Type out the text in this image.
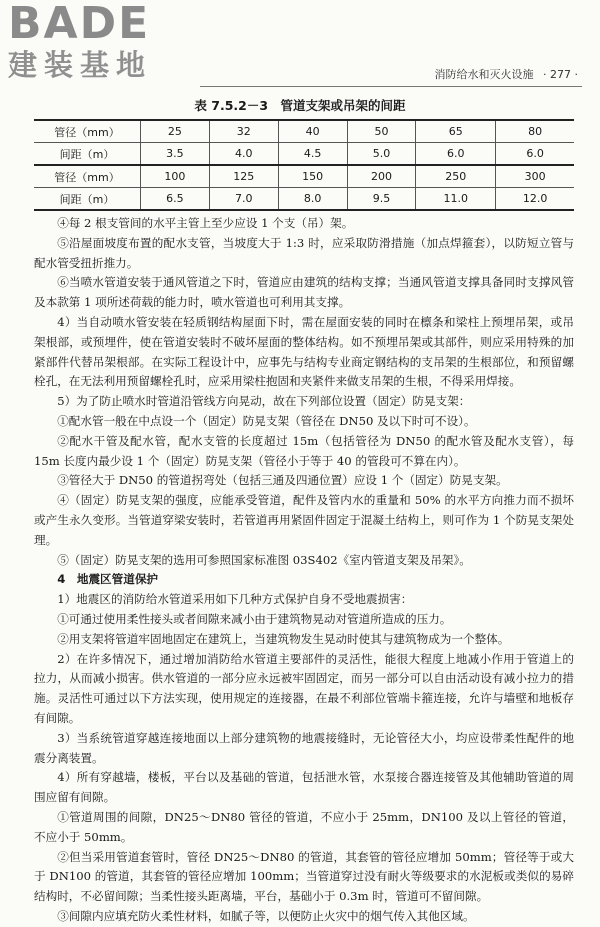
BADE
建装基地	消防给水和灭火设施 · 277 ·
表 7.5.2－3　管道支架或吊架的间距
管径（mm）	25	32	40	50	65	80
间距（m）	3.5	4.0	4.5	5.0	6.0	6.0
管径（mm）	100	125	150	200	250	300
间距（m）	6.5	7.0	8.0	9.5	11.0	12.0

④每 2 根支管间的水平主管上至少应设 1 个支（吊）架。

⑤沿屋面坡度布置的配水支管，当坡度大于 1:3 时，应采取防滑措施（加点焊箍套），以防短立管与配水管受扭折推力。

⑥当喷水管道安装于通风管道之下时，管道应由建筑的结构支撑；当通风管道支撑具备同时支撑风管及本款第 1 项所述荷载的能力时，喷水管道也可利用其支撑。

4）当自动喷水管安装在轻质钢结构屋面下时，需在屋面安装的同时在檩条和梁柱上预埋吊架，或吊架根部，或预埋件，使在管道安装时不破坏屋面的整体结构。如不预埋吊架或其部件，则应采用特殊的加紧部件代替吊架根部。在实际工程设计中，应事先与结构专业商定钢结构的支吊架的生根部位，和预留螺栓孔，在无法利用预留螺栓孔时，应采用梁柱抱固和夹紧件来做支吊架的生根，不得采用焊接。

5）为了防止喷水时管道沿管线方向晃动，故在下列部位设置（固定）防晃支架：

①配水管一般在中点设一个（固定）防晃支架（管径在 DN50 及以下时可不设）。

②配水干管及配水管，配水支管的长度超过 15m（包括管径为 DN50 的配水管及配水支管），每 15m 长度内最少设 1 个（固定）防晃支架（管径小于等于 40 的管段可不算在内）。

③管径大于 DN50 的管道拐弯处（包括三通及四通位置）应设 1 个（固定）防晃支架。

④（固定）防晃支架的强度，应能承受管道，配件及管内水的重量和 50% 的水平方向推力而不损坏或产生永久变形。当管道穿梁安装时，若管道再用紧固件固定于混凝土结构上，则可作为 1 个防晃支架处理。

⑤（固定）防晃支架的选用可参照国家标准图 03S402《室内管道支架及吊架》。

4　地震区管道保护

1）地震区的消防给水管道采用如下几种方式保护自身不受地震损害：

①可通过使用柔性接头或者间隙来减小由于建筑物晃动对管道所造成的压力。

②用支架将管道牢固地固定在建筑上，当建筑物发生晃动时使其与建筑物成为一个整体。

2）在许多情况下，通过增加消防给水管道主要部件的灵活性，能很大程度上地减小作用于管道上的拉力，从而减小损害。供水管道的一部分应永远被牢固固定，而另一部分可以自由活动设有减小拉力的措施。灵活性可通过以下方法实现，使用规定的连接器，在最不利部位管端卡箍连接，允许与墙壁和地板存有间隙。

3）当系统管道穿越连接地面以上部分建筑物的地震接缝时，无论管径大小，均应设带柔性配件的地震分离装置。

4）所有穿越墙，楼板，平台以及基础的管道，包括泄水管，水泵接合器连接管及其他辅助管道的周围应留有间隙。

①管道周围的间隙，DN25～DN80 管径的管道，不应小于 25mm，DN100 及以上管径的管道，不应小于 50mm。

②但当采用管道套管时，管径 DN25～DN80 的管道，其套管的管径应增加 50mm；管径等于或大于 DN100 的管道，其套管的管径应增加 100mm；当管道穿过没有耐火等级要求的水泥板或类似的易碎结构时，不必留间隙；当柔性接头距离墙，平台，基础小于 0.3m 时，管道可不留间隙。

③间隙内应填充防火柔性材料，如腻子等，以便防止火灾中的烟气传入其他区域。
